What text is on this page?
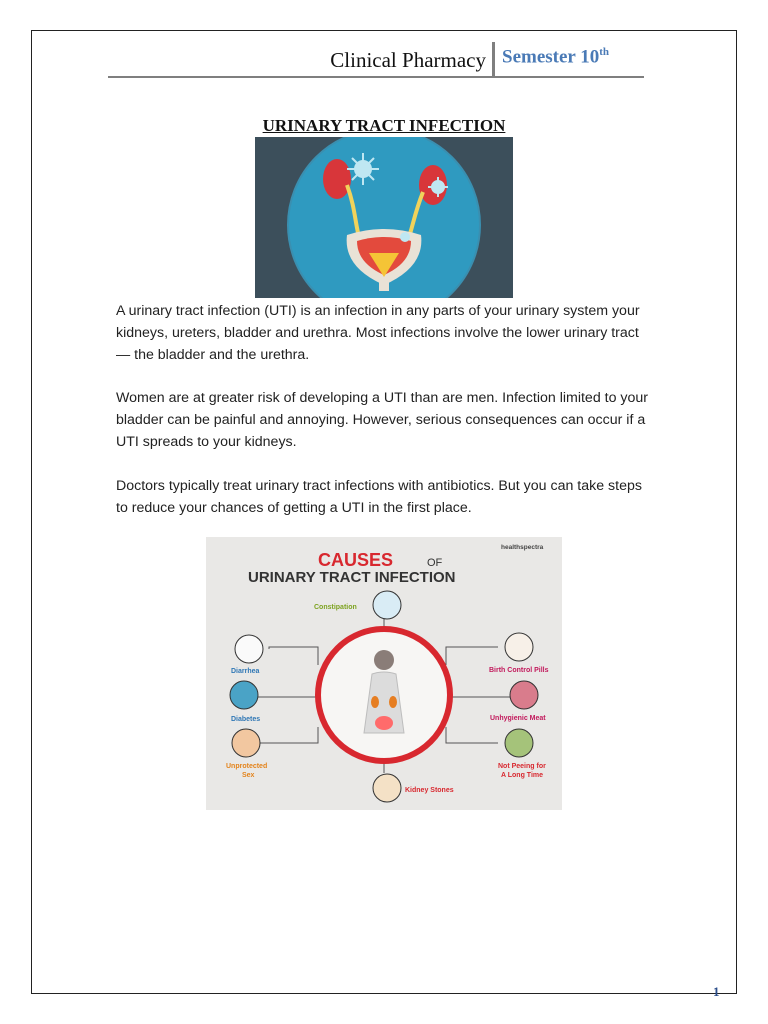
Clinical Pharmacy Semester 10th
URINARY TRACT INFECTION

A urinary tract infection (UTI) is an infection in any parts of your urinary system your kidneys, ureters, bladder and urethra. Most infections involve the lower urinary tract — the bladder and the urethra.

Women are at greater risk of developing a UTI than are men. Infection limited to your bladder can be painful and annoying. However, serious consequences can occur if a UTI spreads to your kidneys.

Doctors typically treat urinary tract infections with antibiotics. But you can take steps to reduce your chances of getting a UTI in the first place.

CAUSES	OF
URINARY TRACT INFECTION
healthspectra
Constipation
Diarrhea
Diabetes
Unprotected
Sex
Birth Control Pills
Unhygienic Meat
Not Peeing for
A Long Time
Kidney Stones
1
